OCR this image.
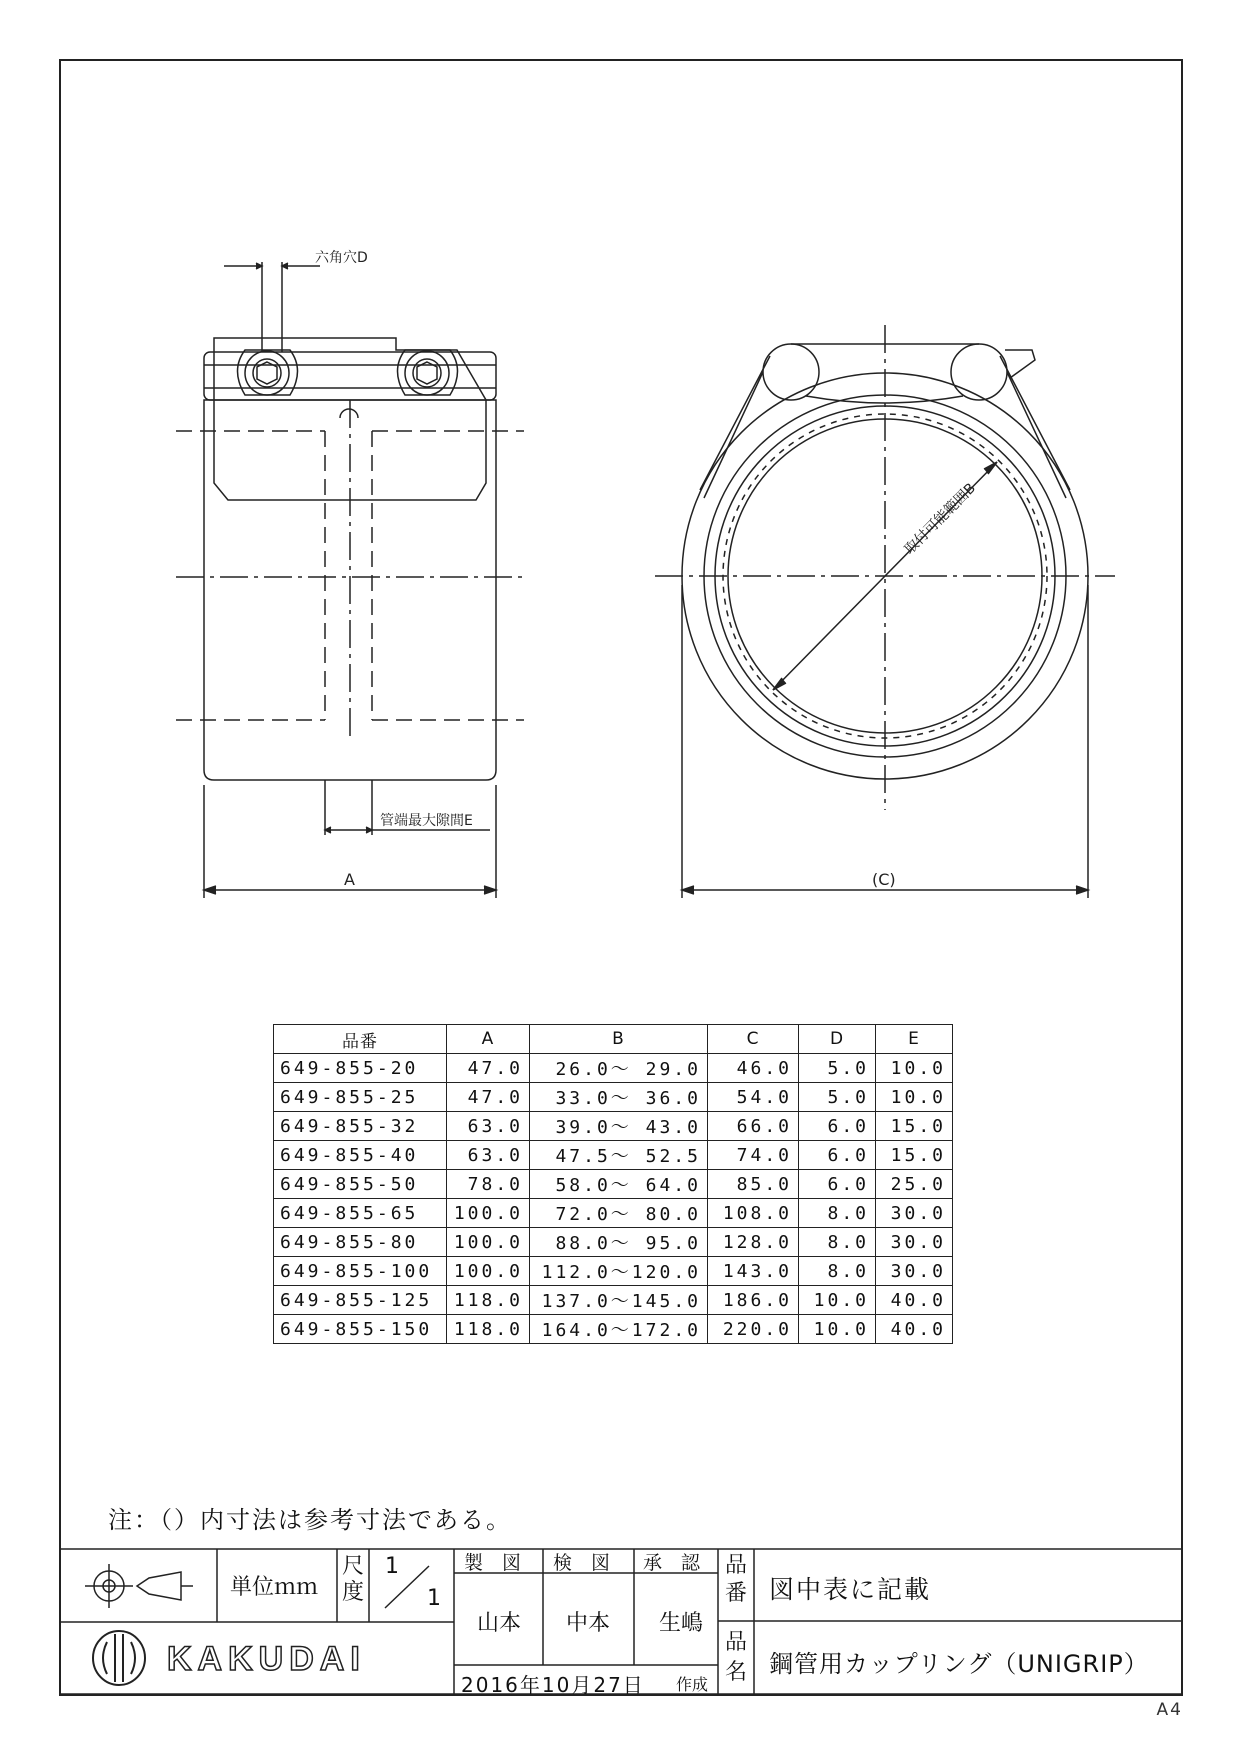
六角穴D
管端最大隙間E
A	(C)
取付可能範囲B
品番	A	B	C	D	E
649-855-20	47.0	26.0～ 29.0	46.0	5.0	10.0
649-855-25	47.0	33.0～ 36.0	54.0	5.0	10.0
649-855-32	63.0	39.0～ 43.0	66.0	6.0	15.0
649-855-40	63.0	47.5～ 52.5	74.0	6.0	15.0
649-855-50	78.0	58.0～ 64.0	85.0	6.0	25.0
649-855-65	100.0	72.0～ 80.0	108.0	8.0	30.0
649-855-80	100.0	88.0～ 95.0	128.0	8.0	30.0
649-855-100	100.0	112.0～120.0	143.0	8.0	30.0
649-855-125	118.0	137.0～145.0	186.0	10.0	40.0
649-855-150	118.0	164.0～172.0	220.0	10.0	40.0
注：（）内寸法は参考寸法である。
単位ｍｍ
尺度
1
1
製　図 検　図 承　認
山本 中本 生嶋
品番 図中表に記載
品名 鋼管用カップリング（UNIGRIP）
2016年10月27日 作成
KAKUDAI
A4
